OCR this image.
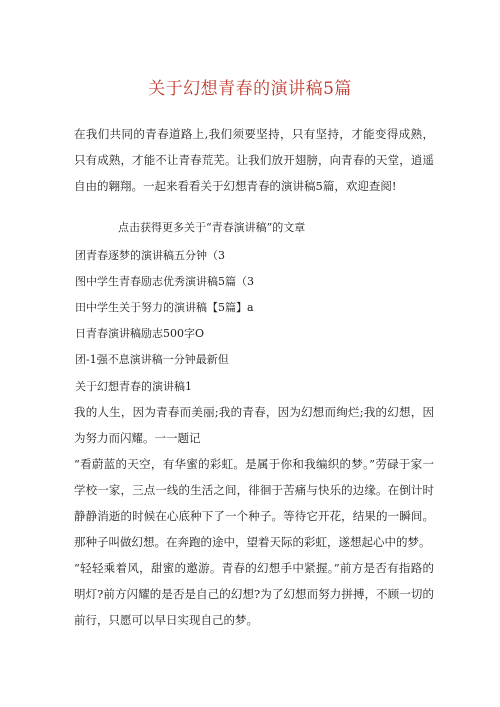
关于幻想青春的演讲稿5篇
在我们共同的青春道路上,我们须要坚持，只有坚持，才能变得成熟，只有成熟，才能不让青春荒芜。让我们放开翅膀，向青春的天堂，逍遥自由的翱翔。一起来看看关于幻想青春的演讲稿5篇，欢迎查阅!
点击获得更多关于“青春演讲稿”的文章
团青春逐梦的演讲稿五分钟（3
图中学生青春励志优秀演讲稿5篇（3
田中学生关于努力的演讲稿【5篇】a
日青春演讲稿励志500字O
团-1强不息演讲稿一分钟最新但
关于幻想青春的演讲稿1
我的人生，因为青春而美丽;我的青春，因为幻想而绚烂;我的幻想，因为努力而闪耀。一一题记
“看蔚蓝的天空，有华蜜的彩虹。是属于你和我编织的梦。”劳碌于家一学校一家，三点一线的生活之间，徘徊于苦痛与快乐的边缘。在倒计时静静消逝的时候在心底种下了一个种子。等待它开花，结果的一瞬间。那种子叫做幻想。在奔跑的途中，望着天际的彩虹，遂想起心中的梦。
“轻轻乘着风，甜蜜的邀游。青春的幻想手中紧握。”前方是否有指路的明灯?前方闪耀的是否是自己的幻想?为了幻想而努力拼搏，不顾一切的前行，只愿可以早日实现自己的梦。
